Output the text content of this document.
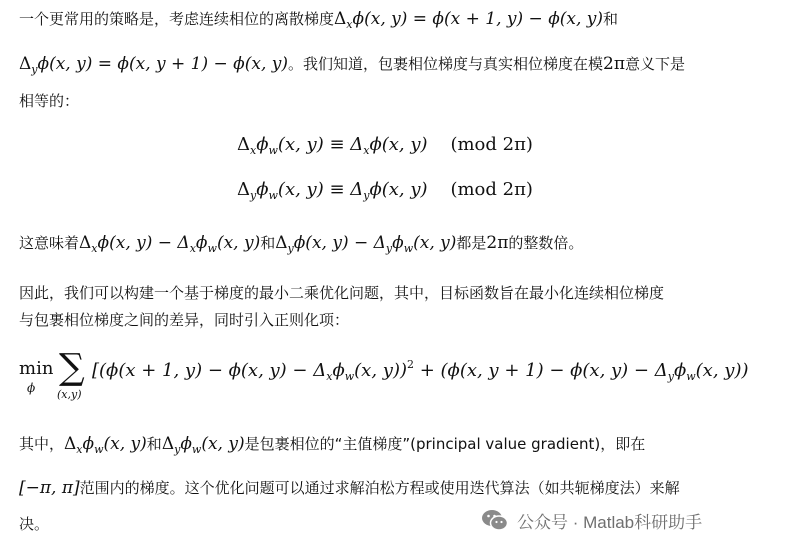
一个更常用的策略是，考虑连续相位的离散梯度$\Delta_x\phi(x$, y) = ϕ(x + 1, y) − ϕ(x, y)和
$\Delta_y\phi(x$, y) = ϕ(x, y + 1) − ϕ(x, y)。我们知道，包裹相位梯度与真实相位梯度在模2π意义下是
相等的：
$\Delta_x\phi_w(x$, $y) \equiv \Delta_x\phi(x$, y) (mod 2π)
$\Delta_y\phi_w(x$, $y) \equiv \Delta_y\phi(x$, y) (mod 2π)
这意味着$\Delta_x\phi(x$, $y) - \Delta_x\phi_w(x$, y)和$\Delta_y\phi(x$, $y) - \Delta_y\phi_w(x$, y)都是2π的整数倍。
因此，我们可以构建一个基于梯度的最小二乘优化问题，其中，目标函数旨在最小化连续相位梯度
与包裹相位梯度之间的差异，同时引入正则化项：
min
ϕ ∑
(x,y)
[(ϕ(x + 1, y) − ϕ(x, $y) - \Delta_x\phi_w(x$, y))$^2$ + (ϕ(x, y + 1) − ϕ(x, $y) - \Delta_y\phi_w(x$, y))
其中，$\Delta_x\phi_w(x$, y)和$\Delta_y\phi_w(x$, y)是包裹相位的“主值梯度”(principal value gradient)，即在
[−π, π]范围内的梯度。这个优化问题可以通过求解泊松方程或使用迭代算法（如共轭梯度法）来解
决。	公众号 · Matlab科研助手
